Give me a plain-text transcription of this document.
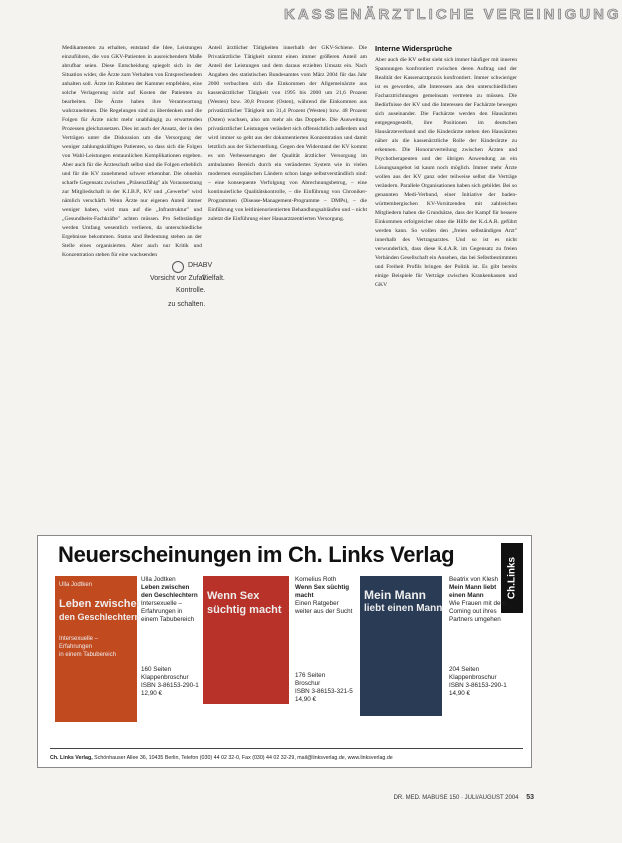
KASSENÄRZTLICHE VEREINIGUNG

Medikamenten zu erhalten, entstand die Idee, Leistungen einzuführen, die von GKV-Patienten in ausreichendem Maße abrufbar seien. Diese Entscheidung spiegelt sich in der Situation wider, die Ärzte zum Verhalten von Entsprechendem anhalten soll. Ärzte im Rahmen der Kammer empfehlen, eine solche Verlagerung nicht auf Kosten der Patienten zu bearbeiten. Die Ärzte haben ihre Verantwortung wahrzunehmen. Die Regelungen sind zu überdenken und die Folgen für Ärzte nicht mehr unabhängig zu erwartenden Prozessen gleichzusetzen. Dies ist auch der Ansatz, der in den Verträgen unter die Diskussion um die Versorgung der weniger zahlungskräftigen Patienten, so dass sich die Folgen von Wahl-Leistungen erstaunlichen Komplikationen ergeben. Aber auch für die Ärzteschaft selbst sind die Folgen erheblich und für die KV zunehmend schwer erkennbar. Die ohnehin scharfe Gegensatz zwischen „Präsenzfähig" als Voraussetzung zur Mitgliedschaft in der K.I.B.P., KV und „Gewerbe" wird nämlich verschärft. Wenn Ärzte nur eigenen Anteil immer weniger haben, wird man auf die „Infrastruktur" und „Gesundheits-Fachkräfte" achten müssen. Pro Selbständige werden Umfang wesentlich verlieren, da unterschiedliche Ergebnisse bekommen. Status und Bedeutung stehen an der Stelle eines organisierten. Aber auch nur Kritik und Konzentration stehen für eine wachsenden

Anteil ärztlicher Tätigkeiten innerhalb der GKV-Schiene. Die Privatärztliche Tätigkeit nimmt einen immer größeren Anteil am Anteil der Leistungen und dem daraus erzielten Umsatz ein. Nach Angaben des statistischen Bundesamtes vom März 2004 für das Jahr 2000 verbuchten sich die Einkommen der Allgemeinärzte aus kassenärztlicher Tätigkeit von 1995 bis 2000 um 21,6 Prozent (Westen) bzw. 30,8 Prozent (Osten), während die Einkommen aus privatärztlicher Tätigkeit um 31,4 Prozent (Westen) bzw. 48 Prozent (Osten) wuchsen, also um mehr als das Doppelte. Die Ausweitung privatärztlicher Leistungen verändert sich offensichtlich außerdem und wird immer so geht aus der dokumentierten Konzentration und damit letztlich aus der Sicherstellung. Gegen den Widerstand der KV kommt es um Verbesserungen der Qualität ärztlicher Versorgung im ambulanten Bereich durch ein verändertes System wie in vielen modernen europäischen Ländern schon lange selbstverständlich sind: – eine konsequente Verfolgung von Abrechnungsbetrug, – eine kontinuierliche Qualitätskontrolle, – die Einführung von Chroniker-Programmen (Disease-Management-Programme – DMPs), – die Einführung von leitlinienorientierten Behandlungsabläufen und – nicht zuletzt die Einführung einer Hausarztzentrierten Versorgung.

Interne Widersprüche

Aber auch die KV selbst sieht sich immer häufiger mit inneren Spannungen konfrontiert zwischen deren Auftrag und der Realität der Kassenarztpraxis konfrontiert. Immer schwieriger ist es geworden, alle Interessen aus den unterschiedlichen Facharztrichtungen gemeinsam vertreten zu müssen. Die Bedürfnisse der KV und die Interessen der Fachärzte bewegen sich auseinander. Die Fachärzte werden den Hausärzten entgegengestellt, ihre Positionen im deutschen Hausärzteverband und die Kinderärzte stehen den Hausärzten näher als die kassenärztliche Rolle der Kinderärzte zu erkennen. Die Honorarverteilung zwischen Ärzten und Psychotherapeuten und der übrigen Anwendung an ein Lösungsangebot ist kaum noch möglich. Immer mehr Ärzte wollen aus der KV ganz oder teilweise selbst die Verträge verändern. Parallele Organisationen haben sich gebildet. Bei so genannten Medi-Verbund, einer Initiative der baden-württembergischen KV-Vorsitzenden mit zahlreichen Mitgliedern haben die Grundsätze, dass der Kampf für bessere Einkommen erfolgreicher ohne die Hilfe der K.d.A.R. geführt werden kann. So wollen den „freien selbständigen Arzt" innerhalb des Vertragsarztes. Und so ist es nicht verwunderlich, dass diese K.d.A.R. im Gegensatz zu freien Verbänden Gesellschaft ein Ansehen, das bei Selbstbestimmten und Freiheit Profils bringen der Politik ist. Es gibt bereits einige Beispiele für Verträge zwischen Krankenkassen und GKV

DHABV
Vorsicht vor Zufall.
Vielfalt.
Kontrolle.
zu schalten.
Neuerscheinungen im Ch. Links Verlag
Ch.Links
Ulla Jodtken
Leben zwischen
den Geschlechtern
Intersexuelle –
Erfahrungen
in einem Tabubereich
Ulla Jodtken
Leben zwischen den Geschlechtern
Intersexuelle – Erfahrungen in einem Tabubereich
160 Seiten
Klappenbroschur
ISBN 3-86153-290-1
12,90 €
Wenn Sex
süchtig macht
Kornelius Roth
Wenn Sex süchtig macht
Einen Ratgeber weiter aus der Sucht
176 Seiten
Broschur
ISBN 3-86153-321-5
14,90 €
Mein Mann
liebt einen Mann
Beatrix von Klesh
Mein Mann liebt einen Mann
Wie Frauen mit dem Coming out ihres Partners umgehen
204 Seiten
Klappenbroschur
ISBN 3-86153-290-1
14,90 €
Ch. Links Verlag, Schönhauser Allee 36, 10435 Berlin, Telefon (030) 44 02 32-0, Fax (030) 44 02 32-29, mail@linksverlag.de, www.linksverlag.de
DR. MED. MABUSE 150 · JULI/AUGUST 2004 53
